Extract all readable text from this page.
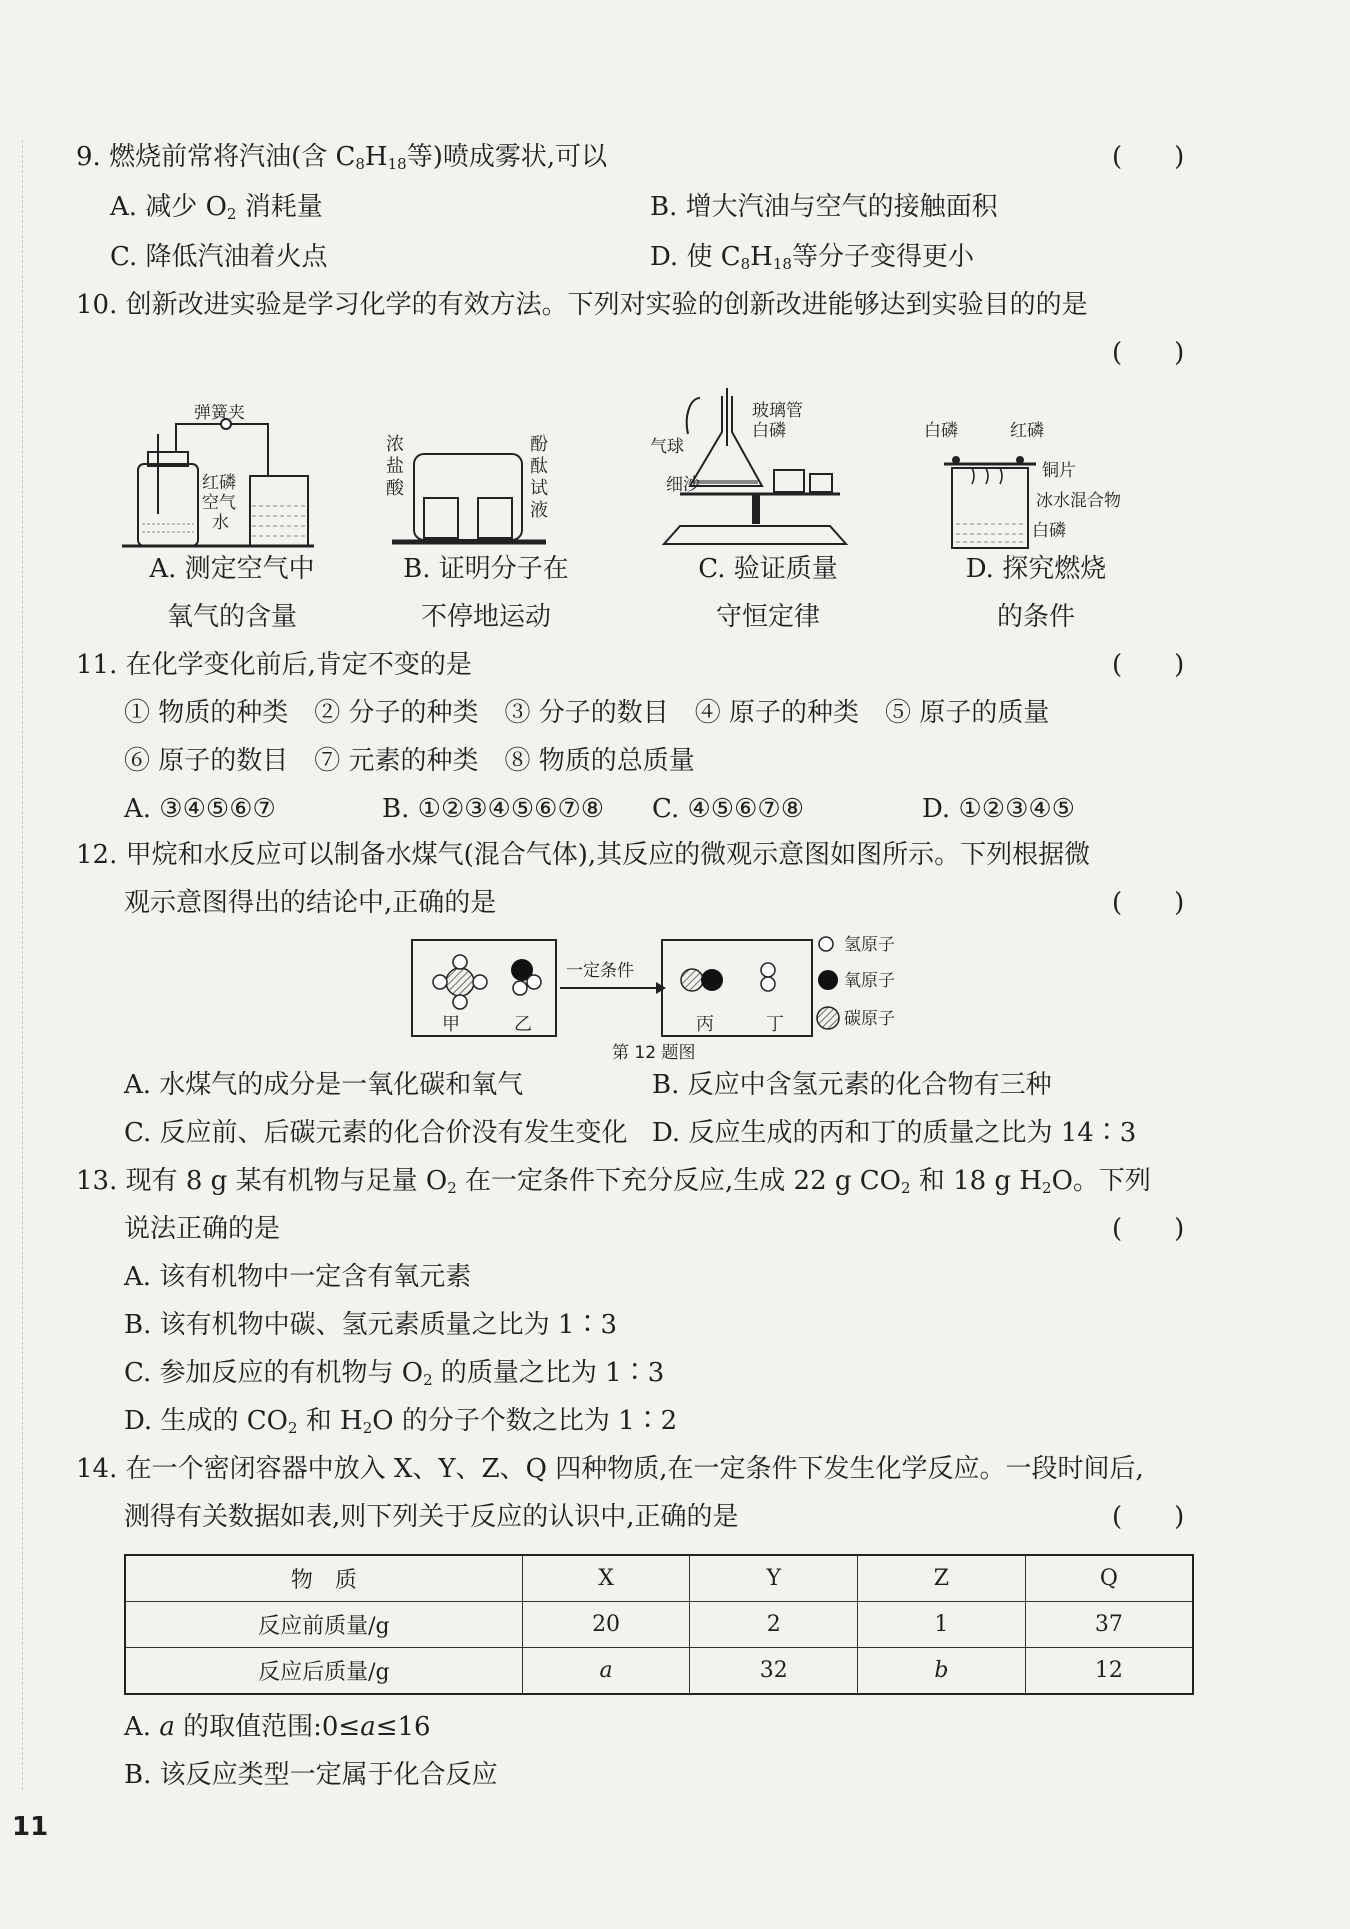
9. 燃烧前常将汽油(含 $C_8H_{18}$等)喷成雾状,可以	(　　)
A. 减少 $O_2$ 消耗量	B. 增大汽油与空气的接触面积
C. 降低汽油着火点	D. 使 $C_8H_{18}$等分子变得更小
10. 创新改进实验是学习化学的有效方法。下列对实验的创新改进能够达到实验目的的是
(　　)
弹簧夹
红磷
空气
水
A. 测定空气中
氧气的含量
浓
盐
酸
酚
酞
试
液
B. 证明分子在
不停地运动
玻璃管
白磷
气球
细沙
C. 验证质量
守恒定律
白磷	红磷
铜片
冰水混合物
白磷
D. 探究燃烧
的条件
11. 在化学变化前后,肯定不变的是	(　　)
① 物质的种类　② 分子的种类　③ 分子的数目　④ 原子的种类　⑤ 原子的质量
⑥ 原子的数目　⑦ 元素的种类　⑧ 物质的总质量
A. ③④⑤⑥⑦	B. ①②③④⑤⑥⑦⑧ C. ④⑤⑥⑦⑧	D. ①②③④⑤
12. 甲烷和水反应可以制备水煤气(混合气体),其反应的微观示意图如图所示。下列根据微
观示意图得出的结论中,正确的是	(　　)
甲	乙
一定条件
丙	丁
氢原子
氧原子
碳原子
第 12 题图
A. 水煤气的成分是一氧化碳和氧气	B. 反应中含氢元素的化合物有三种
C. 反应前、后碳元素的化合价没有发生变化 D. 反应生成的丙和丁的质量之比为 14∶3
13. 现有 8 g 某有机物与足量 $O_2$ 在一定条件下充分反应,生成 22 g $CO_2$ 和 18 g $H_2O$。下列
说法正确的是	(　　)
A. 该有机物中一定含有氧元素
B. 该有机物中碳、氢元素质量之比为 1∶3
C. 参加反应的有机物与 $O_2$ 的质量之比为 1∶3
D. 生成的 $CO_2$ 和 $H_2O$ 的分子个数之比为 1∶2
14. 在一个密闭容器中放入 X、Y、Z、Q 四种物质,在一定条件下发生化学反应。一段时间后,
测得有关数据如表,则下列关于反应的认识中,正确的是	(　　)
物　质	X	Y	Z	Q
反应前质量/g	20	2	1	37
反应后质量/g	a	32	b	12
A. a 的取值范围:0≤a≤16
B. 该反应类型一定属于化合反应
11
